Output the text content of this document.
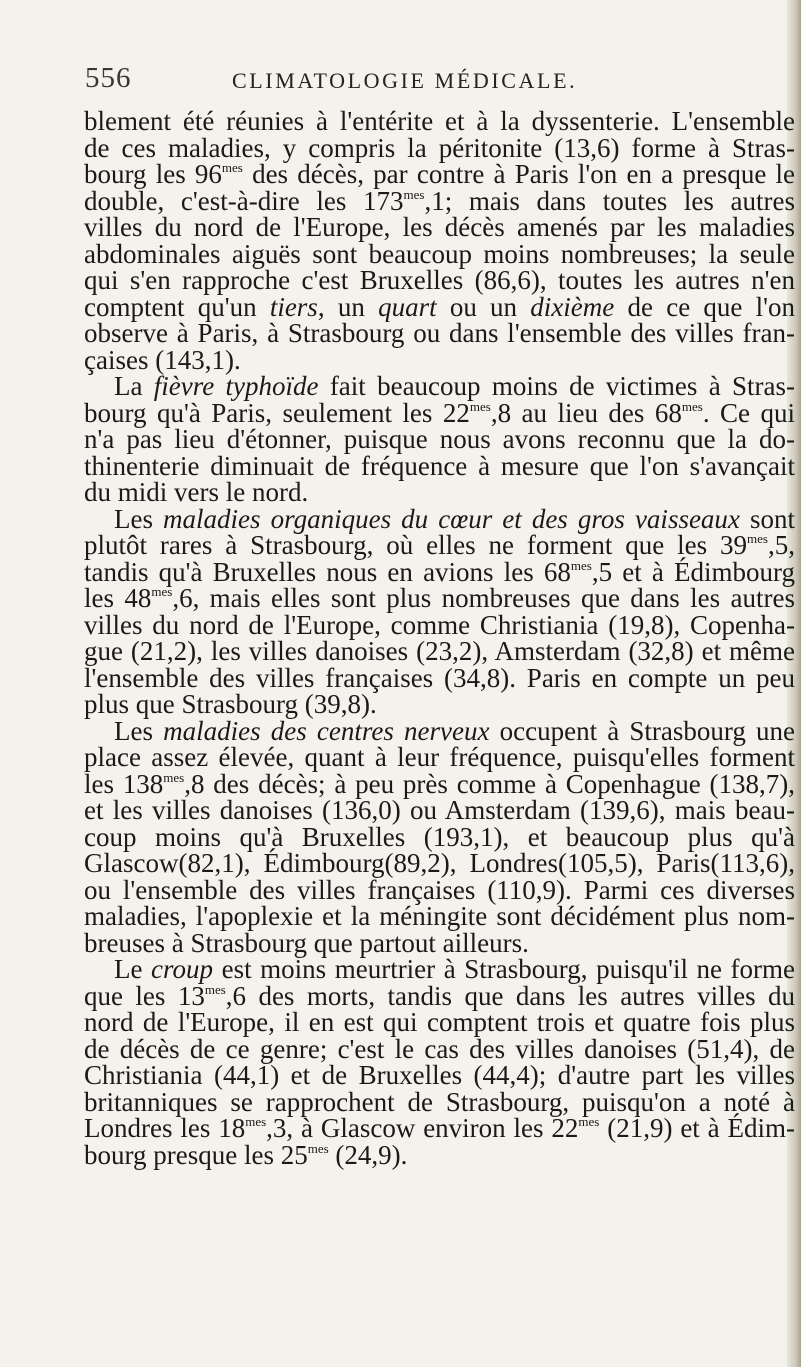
556	CLIMATOLOGIE MÉDICALE.
blement été réunies à l'entérite et à la dyssenterie. L'ensemble
de ces maladies, y compris la péritonite (13,6) forme à Stras-
bourg les $96^{mes}$ des décès, par contre à Paris l'on en a presque le
double, c'est-à-dire les $173^{mes},1$; mais dans toutes les autres
villes du nord de l'Europe, les décès amenés par les maladies
abdominales aiguës sont beaucoup moins nombreuses; la seule
qui s'en rapproche c'est Bruxelles (86,6), toutes les autres n'en
comptent qu'un tiers, un quart ou un dixième de ce que l'on
observe à Paris, à Strasbourg ou dans l'ensemble des villes fran-
çaises (143,1).
La fièvre typhoïde fait beaucoup moins de victimes à Stras-
bourg qu'à Paris, seulement les $22^{mes},8$ au lieu des $68^{mes}$. Ce qui
n'a pas lieu d'étonner, puisque nous avons reconnu que la do-
thinenterie diminuait de fréquence à mesure que l'on s'avançait
du midi vers le nord.
Les maladies organiques du cœur et des gros vaisseaux sont
plutôt rares à Strasbourg, où elles ne forment que les $39^{mes},5$,
tandis qu'à Bruxelles nous en avions les $68^{mes},5$ et à Édimbourg
les $48^{mes},6$, mais elles sont plus nombreuses que dans les autres
villes du nord de l'Europe, comme Christiania (19,8), Copenha-
gue (21,2), les villes danoises (23,2), Amsterdam (32,8) et même
l'ensemble des villes françaises (34,8). Paris en compte un peu
plus que Strasbourg (39,8).
Les maladies des centres nerveux occupent à Strasbourg une
place assez élevée, quant à leur fréquence, puisqu'elles forment
les $138^{mes},8$ des décès; à peu près comme à Copenhague (138,7),
et les villes danoises (136,0) ou Amsterdam (139,6), mais beau-
coup moins qu'à Bruxelles (193,1), et beaucoup plus qu'à
Glascow(82,1), Édimbourg(89,2), Londres(105,5), Paris(113,6),
ou l'ensemble des villes françaises (110,9). Parmi ces diverses
maladies, l'apoplexie et la méningite sont décidément plus nom-
breuses à Strasbourg que partout ailleurs.
Le croup est moins meurtrier à Strasbourg, puisqu'il ne forme
que les $13^{mes},6$ des morts, tandis que dans les autres villes du
nord de l'Europe, il en est qui comptent trois et quatre fois plus
de décès de ce genre; c'est le cas des villes danoises (51,4), de
Christiania (44,1) et de Bruxelles (44,4); d'autre part les villes
britanniques se rapprochent de Strasbourg, puisqu'on a noté à
Londres les $18^{mes},3$, à Glascow environ les $22^{mes}$ (21,9) et à Édim-
bourg presque les $25^{mes}$ (24,9).
